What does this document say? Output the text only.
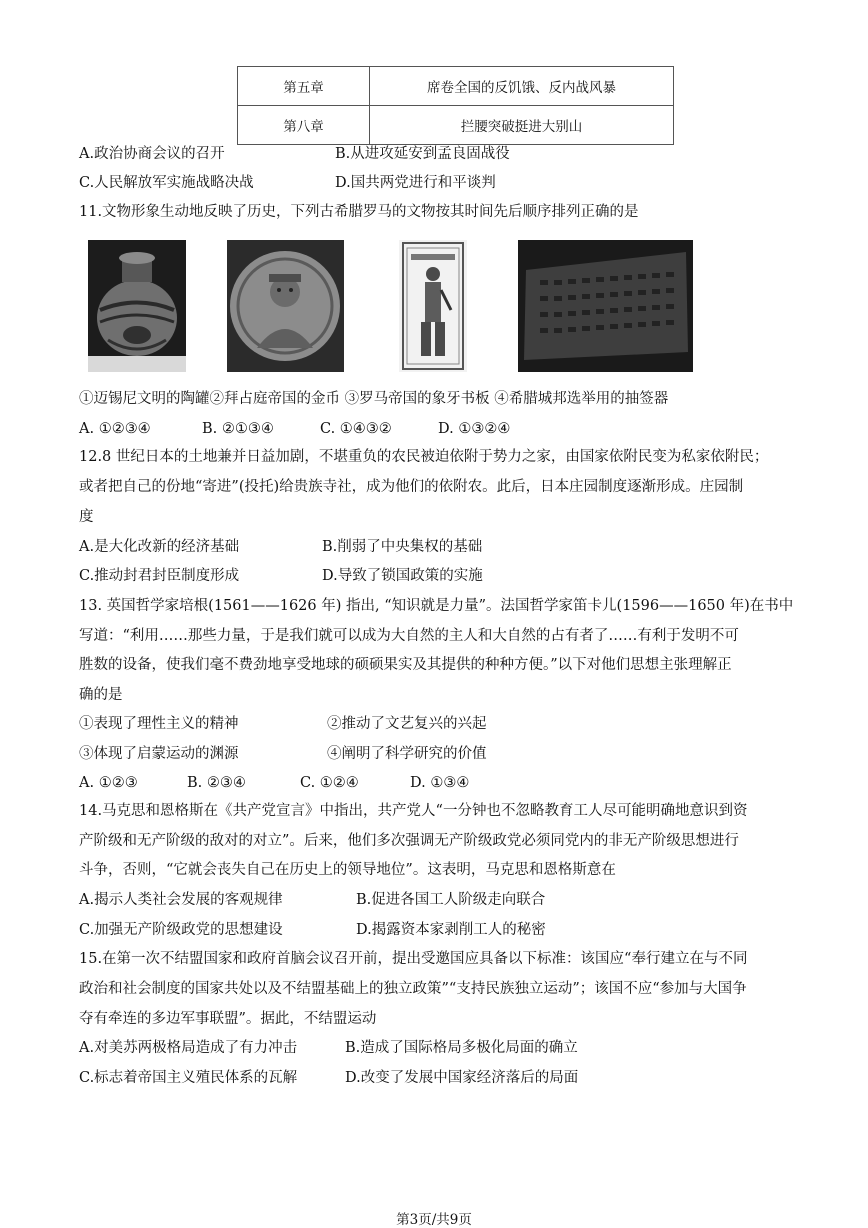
第五章	席卷全国的反饥饿、反内战风暴
第八章	拦腰突破挺进大别山
A.政治协商会议的召开	B.从进攻延安到孟良固战役
C.人民解放军实施战略决战	D.国共两党进行和平谈判
11.文物形象生动地反映了历史，下列古希腊罗马的文物按其时间先后顺序排列正确的是
①迈锡尼文明的陶罐②拜占庭帝国的金币 ③罗马帝国的象牙书板 ④希腊城邦选举用的抽签器
A. ①②③④	B. ②①③④	C. ①④③②	D. ①③②④
12.8 世纪日本的土地兼并日益加剧，不堪重负的农民被迫依附于势力之家，由国家依附民变为私家依附民；
或者把自己的份地“寄进”(投托)给贵族寺社，成为他们的依附农。此后，日本庄园制度逐渐形成。庄园制
度
A.是大化改新的经济基础	B.削弱了中央集权的基础
C.推动封君封臣制度形成	D.导致了锁国政策的实施
13. 英国哲学家培根(1561——1626 年) 指出, “知识就是力量”。法国哲学家笛卡儿(1596——1650 年)在书中
写道：“利用……那些力量，于是我们就可以成为大自然的主人和大自然的占有者了……有利于发明不可
胜数的设备，使我们毫不费劲地享受地球的硕硕果实及其提供的种种方便。”以下对他们思想主张理解正
确的是
①表现了理性主义的精神	②推动了文艺复兴的兴起
③体现了启蒙运动的渊源	④阐明了科学研究的价值
A. ①②③	B. ②③④	C. ①②④	D. ①③④
14.马克思和恩格斯在《共产党宣言》中指出，共产党人“一分钟也不忽略教育工人尽可能明确地意识到资
产阶级和无产阶级的敌对的对立”。后来，他们多次强调无产阶级政党必须同党内的非无产阶级思想进行
斗争，否则，“它就会丧失自己在历史上的领导地位”。这表明，马克思和恩格斯意在
A.揭示人类社会发展的客观规律	B.促进各国工人阶级走向联合
C.加强无产阶级政党的思想建设	D.揭露资本家剥削工人的秘密
15.在第一次不结盟国家和政府首脑会议召开前，提出受邀国应具备以下标准：该国应“奉行建立在与不同
政治和社会制度的国家共处以及不结盟基础上的独立政策”“支持民族独立运动”；该国不应“参加与大国争
夺有牵连的多边军事联盟”。据此，不结盟运动
A.对美苏两极格局造成了有力冲击	B.造成了国际格局多极化局面的确立
C.标志着帝国主义殖民体系的瓦解	D.改变了发展中国家经济落后的局面
第3页/共9页
